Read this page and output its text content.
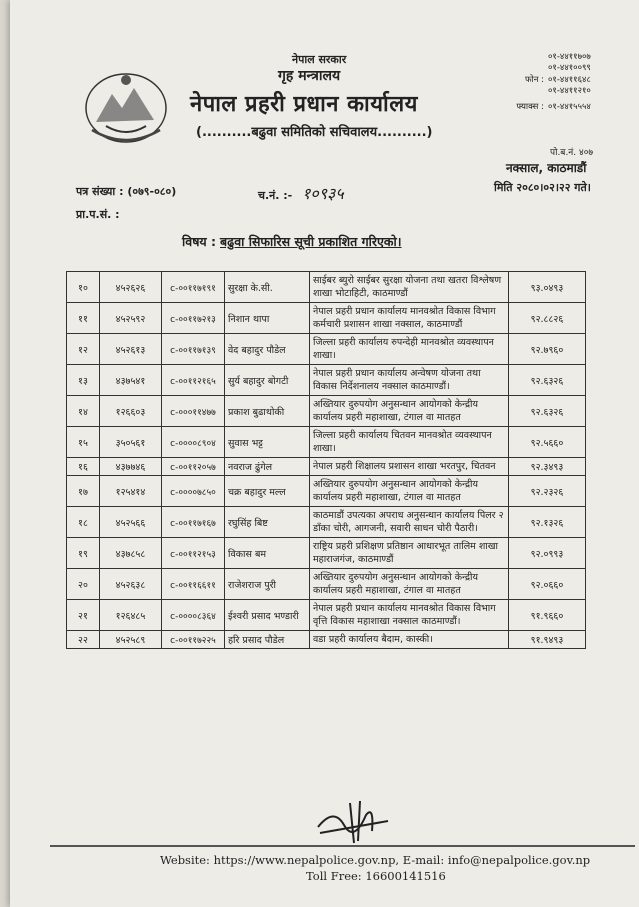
नेपाल सरकार
गृह मन्त्रालय
नेपाल प्रहरी प्रधान कार्यालय
(..........बढुवा समितिको सचिवालय..........)
०१-४४११७०७
०१-४४१००९९
फोन : ०१-४४११६४८
०१-४४११२१०
फ्याक्स : ०१-४४१५५५४
पो.ब.नं. ४०७
नक्साल, काठमाडौं
मिति २०८०।०२।२२ गते।
पत्र संख्या : (०७९-०८०)	च.नं. :- १०९३५
प्रा.प.सं. :
विषय : बढुवा सिफारिस सूची प्रकाशित गरिएको।
१०	४५२६२६	c-००११७१९१	सुरक्षा के.सी.	साईबर ब्युरो साईबर सुरक्षा योजना तथा खतरा विश्लेषण शाखा भोटाहिटी, काठमाण्डौं	९३.०४९३
११	४५२५९२	c-००११७२१३	निशान थापा	नेपाल प्रहरी प्रधान कार्यालय मानवश्रोत विकास विभाग कर्मचारी प्रशासन शाखा नक्साल, काठमाण्डौं	९२.८८२६
१२	४५२६१३	c-००११७१३९	वेद बहादुर पौडेल	जिल्ला प्रहरी कार्यालय रुपन्देही मानवश्रोत व्यवस्थापन शाखा।	९२.७९६०
१३	४३७५४१	c-००११२१६५	सुर्य बहादुर बोगटी	नेपाल प्रहरी प्रधान कार्यालय अन्वेषण योजना तथा विकास निर्देशनालय नक्साल काठमाण्डौं।	९२.६३२६
१४	१२६६०३	c-०००११४७७	प्रकाश बुढाथोकी	अख्तियार दुरुपयोग अनुसन्धान आयोगको केन्द्रीय कार्यालय प्रहरी महाशाखा, टंगाल वा मातहत	९२.६३२६
१५	३५०५६१	c-००००८९०४	सुवास भट्ट	जिल्ला प्रहरी कार्यालय चितवन मानवश्रोत व्यवस्थापन शाखा।	९२.५६६०
१६	४३७७४६	c-००११२०५७	नवराज ढुंगेल	नेपाल प्रहरी शिक्षालय प्रशासन शाखा भरतपुर, चितवन	९२.३४९३
१७	१२५४१४	c-००००७८५०	चक्र बहादुर मल्ल	अख्तियार दुरुपयोग अनुसन्धान आयोगको केन्द्रीय कार्यालय प्रहरी महाशाखा, टंगाल वा मातहत	९२.२३२६
१८	४५२५६६	c-००११७१६७	रघुसिंह बिष्ट	काठमाडौं उपत्यका अपराध अनुसन्धान कार्यालय पिलर २ डाँका चोरी, आगजनी, सवारी साधन चोरी पैठारी।	९२.१३२६
१९	४३७८५८	c-००११२१५३	विकास बम	राष्ट्रिय प्रहरी प्रशिक्षण प्रतिष्ठान आधारभूत तालिम शाखा महाराजगंज, काठमाण्डौं	९२.०९९३
२०	४५२६३८	c-००११६६११	राजेशराज पुरी	अख्तियार दुरुपयोग अनुसन्धान आयोगको केन्द्रीय कार्यालय प्रहरी महाशाखा, टंगाल वा मातहत	९२.०६६०
२१	१२६४८५	c-००००८३६४	ईश्वरी प्रसाद भण्डारी	नेपाल प्रहरी प्रधान कार्यालय मानवश्रोत विकास विभाग वृत्ति विकास महाशाखा नक्साल काठमाण्डौं।	९१.९६६०
२२	४५२५८९	c-००११७२२५	हरि प्रसाद पौडेल	वडा प्रहरी कार्यालय बैदाम, कास्की।	९१.९४९३
Website: https://www.nepalpolice.gov.np, E-mail: info@nepalpolice.gov.np
Toll Free: 16600141516
